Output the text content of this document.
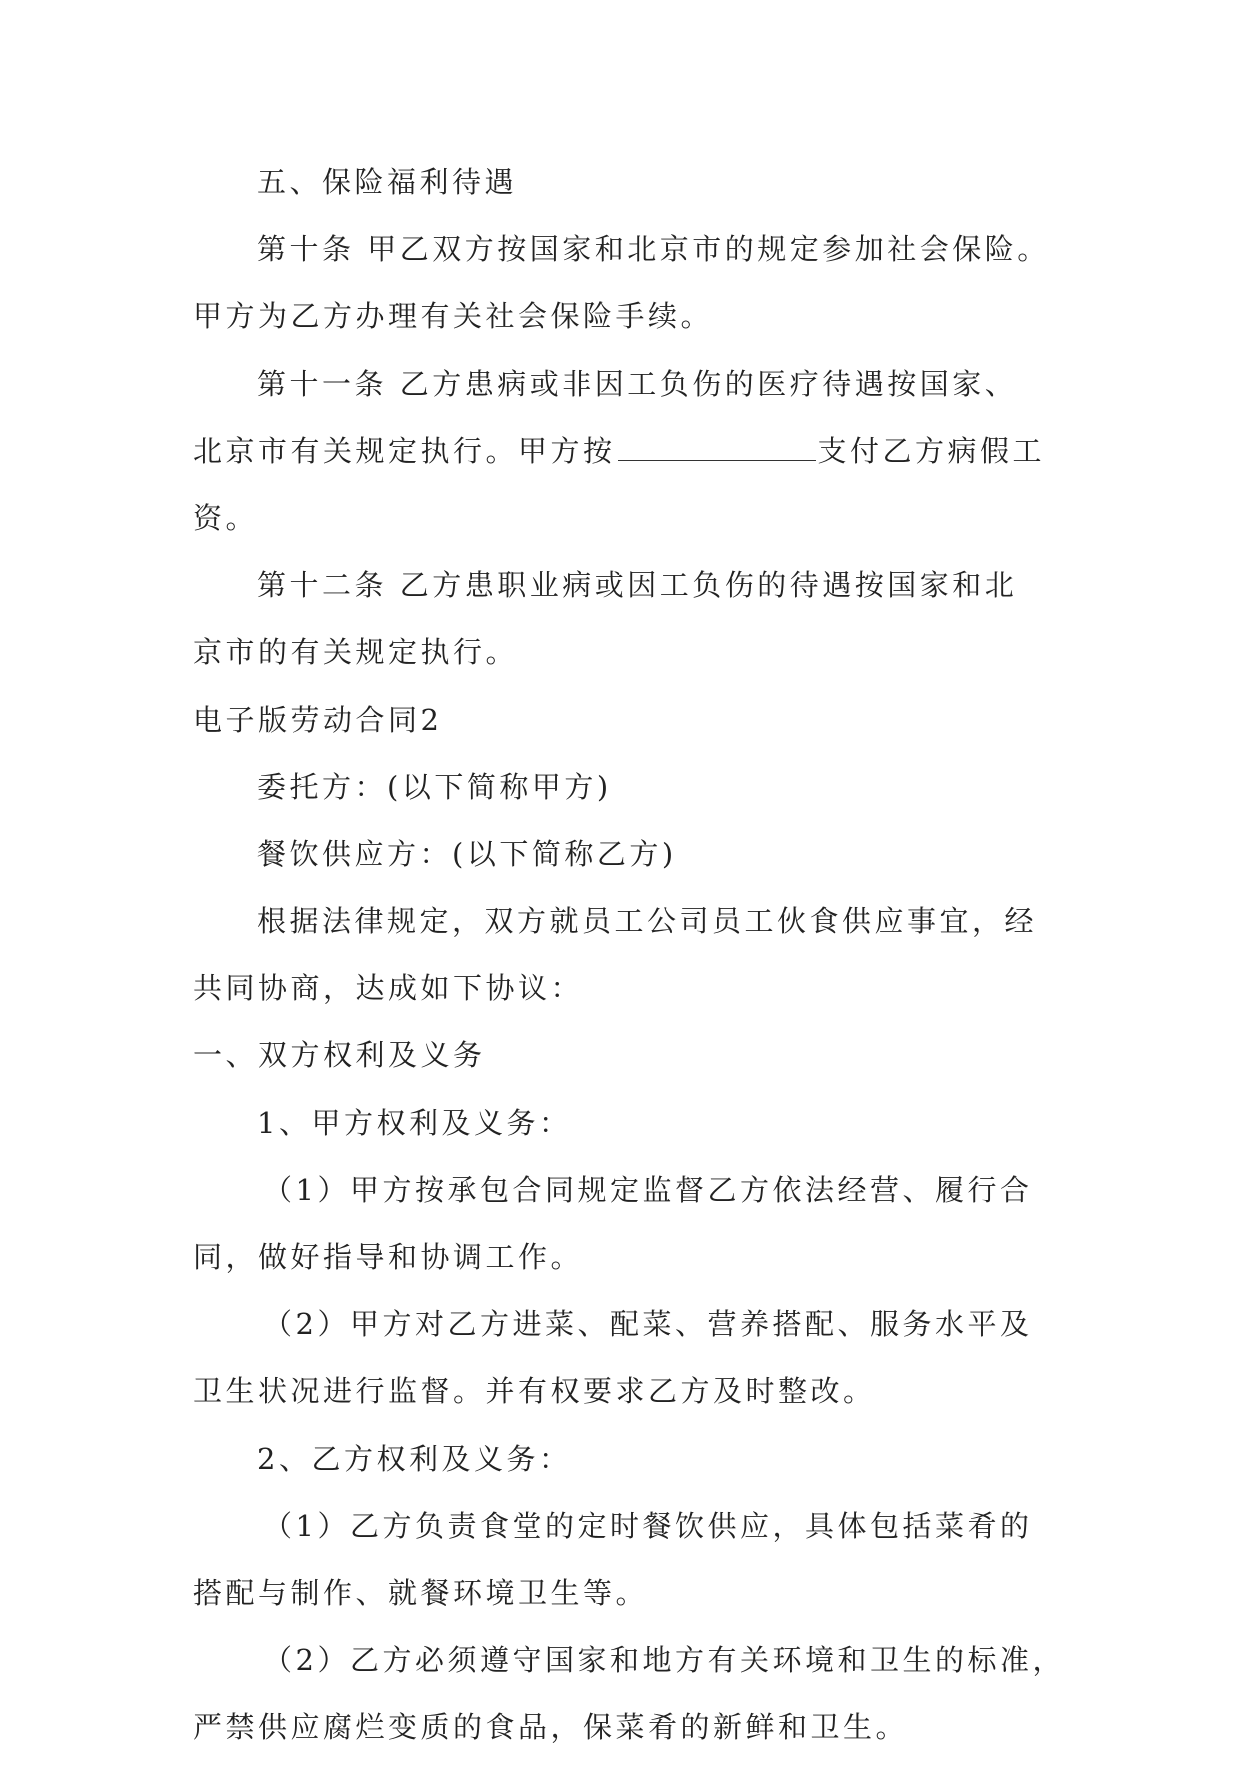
五、保险福利待遇
第十条 甲乙双方按国家和北京市的规定参加社会保险。
甲方为乙方办理有关社会保险手续。
第十一条 乙方患病或非因工负伤的医疗待遇按国家、
北京市有关规定执行。甲方按	支付乙方病假工
资。
第十二条 乙方患职业病或因工负伤的待遇按国家和北
京市的有关规定执行。
电子版劳动合同2
委托方：(以下简称甲方)
餐饮供应方：(以下简称乙方)
根据法律规定，双方就员工公司员工伙食供应事宜，经
共同协商，达成如下协议：
一、双方权利及义务
1、甲方权利及义务：
（1）甲方按承包合同规定监督乙方依法经营、履行合
同，做好指导和协调工作。
（2）甲方对乙方进菜、配菜、营养搭配、服务水平及
卫生状况进行监督。并有权要求乙方及时整改。
2、乙方权利及义务：
（1）乙方负责食堂的定时餐饮供应，具体包括菜肴的
搭配与制作、就餐环境卫生等。
（2）乙方必须遵守国家和地方有关环境和卫生的标准，
严禁供应腐烂变质的食品，保菜肴的新鲜和卫生。
